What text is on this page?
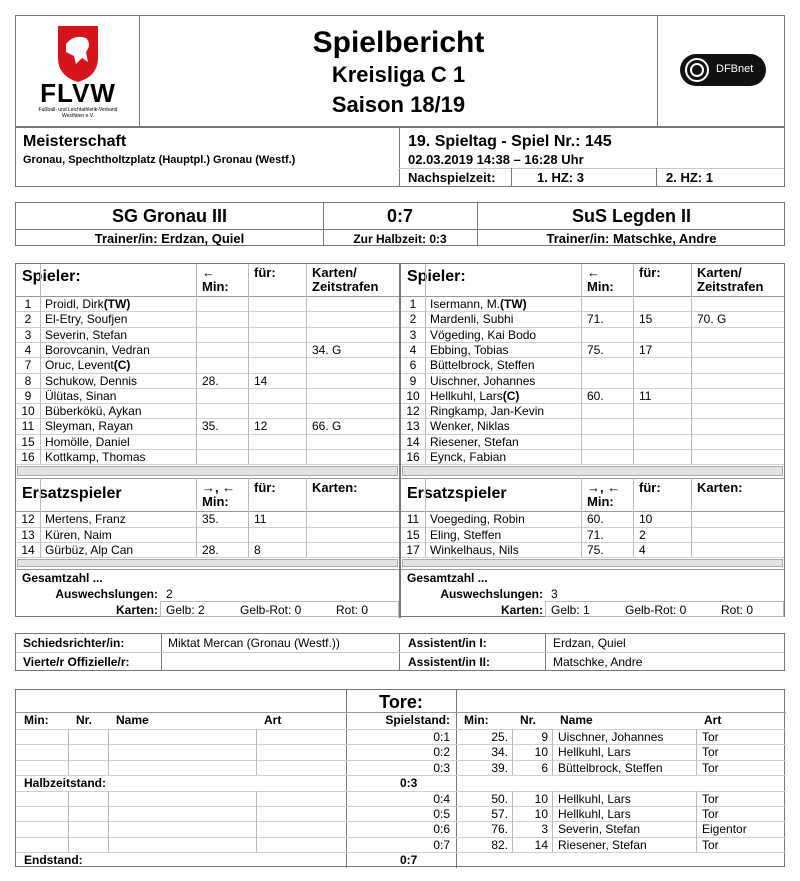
FLVW
Fußball- und Leichtathletik-Verband
Westfalen e.V.
Spielbericht
Kreisliga C 1
Saison 18/19
DFBnet
Meisterschaft
Gronau, Spechtholtzplatz (Hauptpl.) Gronau (Westf.)
19. Spieltag - Spiel Nr.: 145
02.03.2019 14:38 – 16:28 Uhr
Nachspielzeit:	1. HZ: 3	2. HZ: 1
SG Gronau III	0:7	SuS Legden II
Trainer/in: Erdzan, Quiel	Zur Halbzeit: 0:3	Trainer/in: Matschke, Andre
Spieler:	←
Min:
für:	Karten/
Zeitstrafen
1	Proidl, Dirk(TW)
2	El-Etry, Soufjen
3	Severin, Stefan
4	Borovcanin, Vedran	34. G
7	Oruc, Levent(C)
8	Schukow, Dennis	28.	14
9	Ülütas, Sinan
10 Büberkökü, Aykan
11 Sleyman, Rayan	35.	12	66. G
15 Homölle, Daniel
16 Kottkamp, Thomas
Ersatzspieler	→, ←
Min:
für:	Karten:
12 Mertens, Franz	35.	11
13 Küren, Naim
14 Gürbüz, Alp Can	28.	8
Gesamtzahl ...
Auswechslungen: 2
Karten: Gelb: 2	Gelb-Rot: 0	Rot: 0
Spieler:	←
Min:
für:	Karten/
Zeitstrafen
1	Isermann, M.(TW)
2	Mardenli, Subhi	71.	15	70. G
3	Vögeding, Kai Bodo
4	Ebbing, Tobias	75.	17
6	Büttelbrock, Steffen
9	Uischner, Johannes
10 Hellkuhl, Lars(C)	60.	11
12 Ringkamp, Jan-Kevin
13 Wenker, Niklas
14 Riesener, Stefan
16 Eynck, Fabian
Ersatzspieler	→, ←
Min:
für:	Karten:
11 Voegeding, Robin	60.	10
15 Eling, Steffen	71.	2
17 Winkelhaus, Nils	75.	4
Gesamtzahl ...
Auswechslungen: 3
Karten: Gelb: 1	Gelb-Rot: 0	Rot: 0
Schiedsrichter/in:	Miktat Mercan (Gronau (Westf.))
Vierte/r Offizielle/r:
Assistent/in I:	Erdzan, Quiel
Assistent/in II:	Matschke, Andre
Tore:
Min: Nr. Name	Art	Min:	Nr. Name	Art
Spielstand:
0:1	25.	9 Uischner, Johannes	Tor
0:2	34.	10 Hellkuhl, Lars	Tor
0:3	39.	6 Büttelbrock, Steffen	Tor
Halbzeitstand:	0:3
0:4	50.	10 Hellkuhl, Lars	Tor
0:5	57.	10 Hellkuhl, Lars	Tor
0:6	76.	3 Severin, Stefan	Eigentor
0:7	82.	14 Riesener, Stefan	Tor
Endstand:	0:7
